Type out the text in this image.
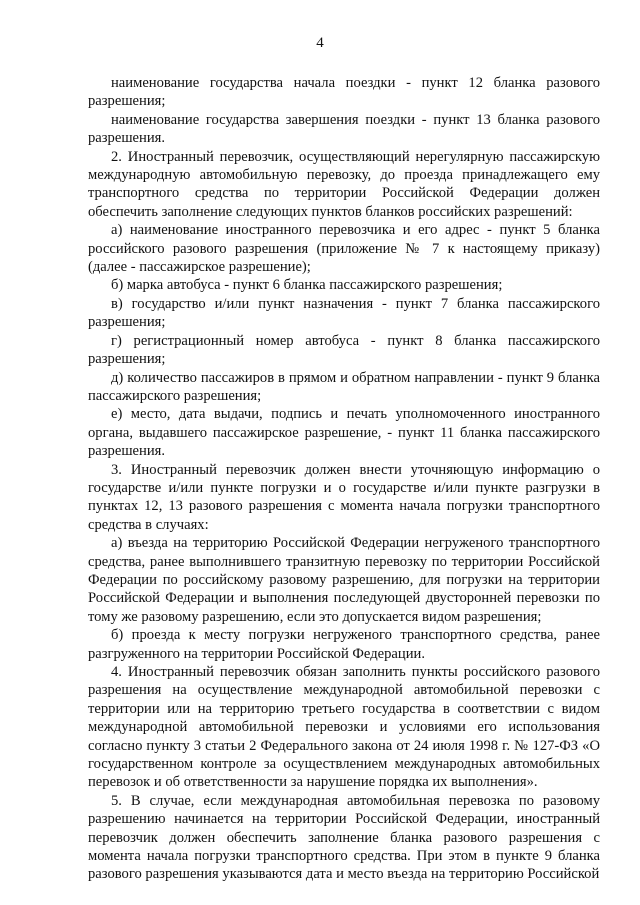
4

наименование государства начала поездки - пункт 12 бланка разового разрешения;

наименование государства завершения поездки - пункт 13 бланка разового разрешения.

2. Иностранный перевозчик, осуществляющий нерегулярную пассажирскую международную автомобильную перевозку, до проезда принадлежащего ему транспортного средства по территории Российской Федерации должен обеспечить заполнение следующих пунктов бланков российских разрешений:

а) наименование иностранного перевозчика и его адрес - пункт 5 бланка российского разового разрешения (приложение № 7 к настоящему приказу) (далее - пассажирское разрешение);

б) марка автобуса - пункт 6 бланка пассажирского разрешения;

в) государство и/или пункт назначения - пункт 7 бланка пассажирского разрешения;

г) регистрационный номер автобуса - пункт 8 бланка пассажирского разрешения;

д) количество пассажиров в прямом и обратном направлении - пункт 9 бланка пассажирского разрешения;

е) место, дата выдачи, подпись и печать уполномоченного иностранного органа, выдавшего пассажирское разрешение, - пункт 11 бланка пассажирского разрешения.

3. Иностранный перевозчик должен внести уточняющую информацию о государстве и/или пункте погрузки и о государстве и/или пункте разгрузки в пунктах 12, 13 разового разрешения с момента начала погрузки транспортного средства в случаях:

а) въезда на территорию Российской Федерации негруженого транспортного средства, ранее выполнившего транзитную перевозку по территории Российской Федерации по российскому разовому разрешению, для погрузки на территории Российской Федерации и выполнения последующей двусторонней перевозки по тому же разовому разрешению, если это допускается видом разрешения;

б) проезда к месту погрузки негруженого транспортного средства, ранее разгруженного на территории Российской Федерации.

4. Иностранный перевозчик обязан заполнить пункты российского разового разрешения на осуществление международной автомобильной перевозки с территории или на территорию третьего государства в соответствии с видом международной автомобильной перевозки и условиями его использования согласно пункту 3 статьи 2 Федерального закона от 24 июля 1998 г. № 127-ФЗ «О государственном контроле за осуществлением международных автомобильных перевозок и об ответственности за нарушение порядка их выполнения».

5. В случае, если международная автомобильная перевозка по разовому разрешению начинается на территории Российской Федерации, иностранный перевозчик должен обеспечить заполнение бланка разового разрешения с момента начала погрузки транспортного средства. При этом в пункте 9 бланка разового разрешения указываются дата и место въезда на территорию Российской
